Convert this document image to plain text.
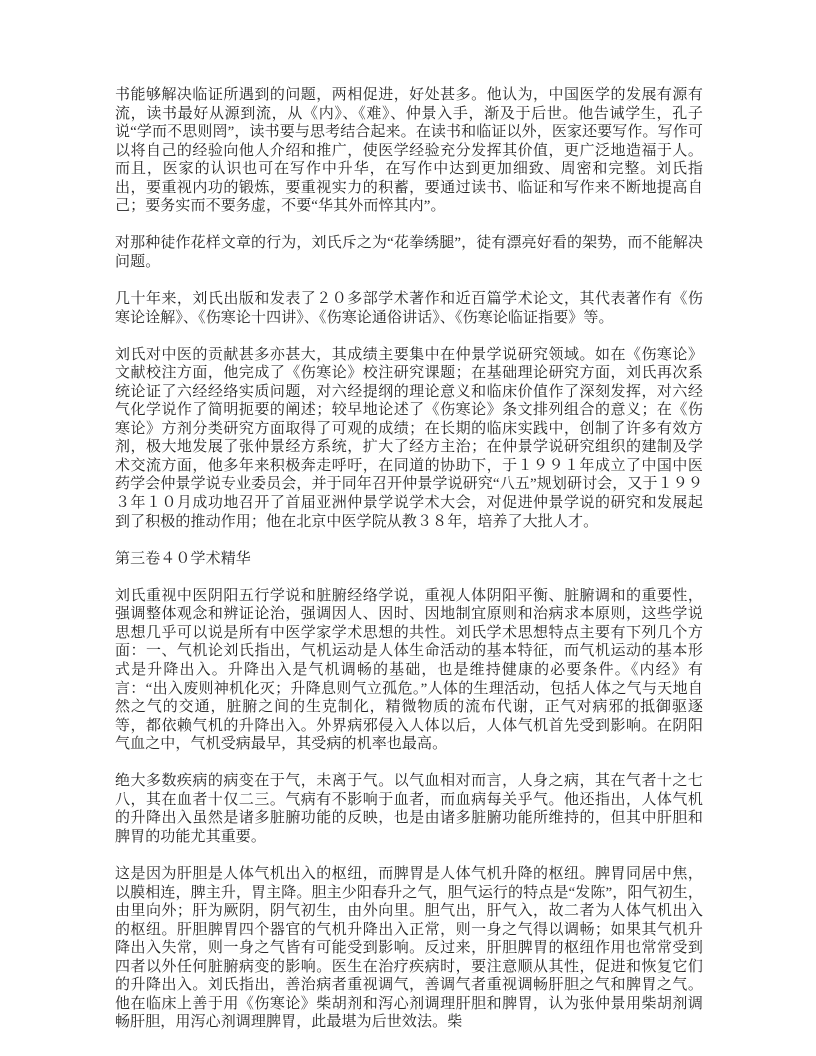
书能够解决临证所遇到的问题，两相促进，好处甚多。他认为，中国医学的发展有源有流，读书最好从源到流，从《内》、《难》、仲景入手，渐及于后世。他告诫学生，孔子说“学而不思则罔”，读书要与思考结合起来。在读书和临证以外，医家还要写作。写作可以将自己的经验向他人介绍和推广，使医学经验充分发挥其价值，更广泛地造福于人。而且，医家的认识也可在写作中升华，在写作中达到更加细致、周密和完整。刘氏指出，要重视内功的锻炼，要重视实力的积蓄，要通过读书、临证和写作来不断地提高自己；要务实而不要务虚，不要“华其外而悴其内”。

对那种徒作花样文章的行为，刘氏斥之为“花拳绣腿”，徒有漂亮好看的架势，而不能解决问题。

几十年来，刘氏出版和发表了２０多部学术著作和近百篇学术论文，其代表著作有《伤寒论诠解》、《伤寒论十四讲》、《伤寒论通俗讲话》、《伤寒论临证指要》等。

刘氏对中医的贡献甚多亦甚大，其成绩主要集中在仲景学说研究领域。如在《伤寒论》文献校注方面，他完成了《伤寒论》校注研究课题；在基础理论研究方面，刘氏再次系统论证了六经经络实质问题，对六经提纲的理论意义和临床价值作了深刻发挥，对六经气化学说作了简明扼要的阐述；较早地论述了《伤寒论》条文排列组合的意义；在《伤寒论》方剂分类研究方面取得了可观的成绩；在长期的临床实践中，创制了许多有效方剂，极大地发展了张仲景经方系统，扩大了经方主治；在仲景学说研究组织的建制及学术交流方面，他多年来积极奔走呼吁，在同道的协助下，于１９９１年成立了中国中医药学会仲景学说专业委员会，并于同年召开仲景学说研究“八五”规划研讨会，又于１９９３年１０月成功地召开了首届亚洲仲景学说学术大会，对促进仲景学说的研究和发展起到了积极的推动作用；他在北京中医学院从教３８年，培养了大批人才。

第三卷４０学术精华

刘氏重视中医阴阳五行学说和脏腑经络学说，重视人体阴阳平衡、脏腑调和的重要性，强调整体观念和辨证论治，强调因人、因时、因地制宜原则和治病求本原则，这些学说思想几乎可以说是所有中医学家学术思想的共性。刘氏学术思想特点主要有下列几个方面：一、气机论刘氏指出，气机运动是人体生命活动的基本特征，而气机运动的基本形式是升降出入。升降出入是气机调畅的基础，也是维持健康的必要条件。《内经》有言：“出入废则神机化灭；升降息则气立孤危。”人体的生理活动，包括人体之气与天地自然之气的交通，脏腑之间的生克制化，精微物质的流布代谢，正气对病邪的抵御驱逐等，都依赖气机的升降出入。外界病邪侵入人体以后，人体气机首先受到影响。在阴阳气血之中，气机受病最早，其受病的机率也最高。

绝大多数疾病的病变在于气，未离于气。以气血相对而言，人身之病，其在气者十之七八，其在血者十仅二三。气病有不影响于血者，而血病每关乎气。他还指出，人体气机的升降出入虽然是诸多脏腑功能的反映，也是由诸多脏腑功能所维持的，但其中肝胆和脾胃的功能尤其重要。

这是因为肝胆是人体气机出入的枢纽，而脾胃是人体气机升降的枢纽。脾胃同居中焦，以膜相连，脾主升，胃主降。胆主少阳春升之气，胆气运行的特点是“发陈”，阳气初生，由里向外；肝为厥阴，阴气初生，由外向里。胆气出，肝气入，故二者为人体气机出入的枢纽。肝胆脾胃四个器官的气机升降出入正常，则一身之气得以调畅；如果其气机升降出入失常，则一身之气皆有可能受到影响。反过来，肝胆脾胃的枢纽作用也常常受到四者以外任何脏腑病变的影响。医生在治疗疾病时，要注意顺从其性，促进和恢复它们的升降出入。刘氏指出，善治病者重视调气，善调气者重视调畅肝胆之气和脾胃之气。他在临床上善于用《伤寒论》柴胡剂和泻心剂调理肝胆和脾胃，认为张仲景用柴胡剂调畅肝胆，用泻心剂调理脾胃，此最堪为后世效法。柴
